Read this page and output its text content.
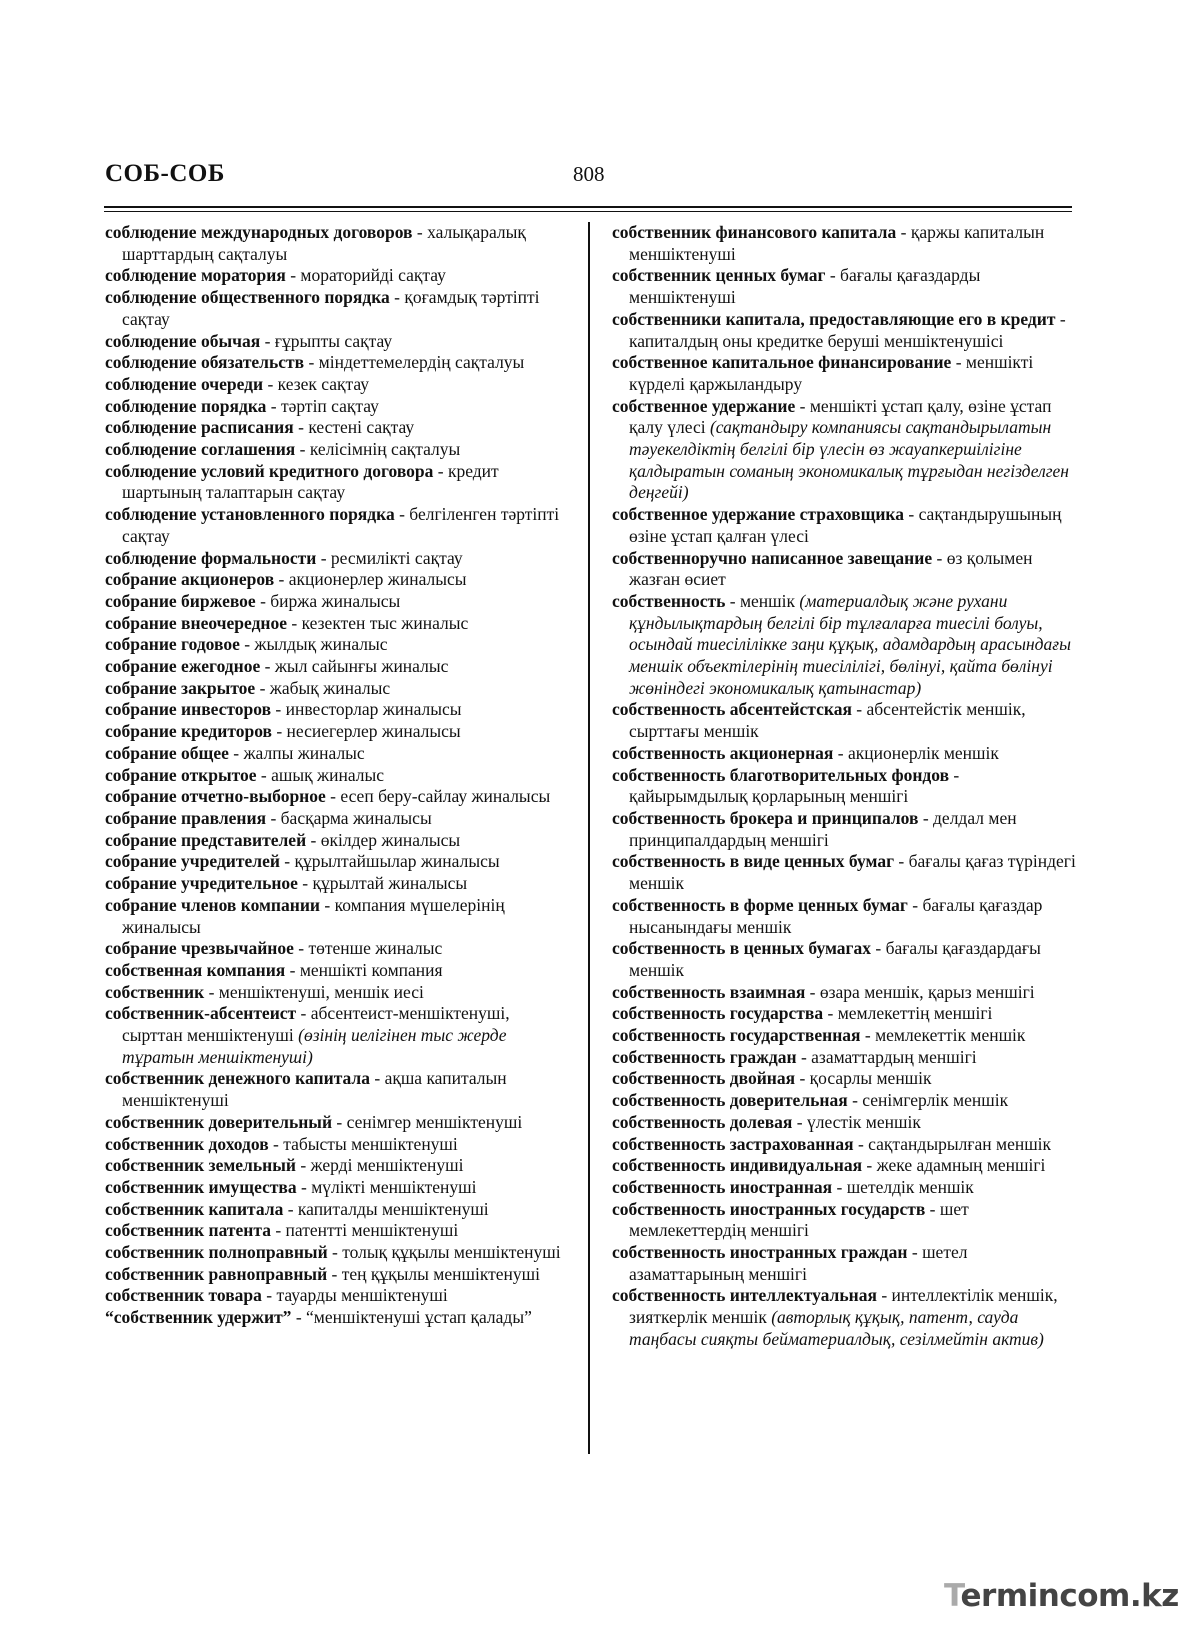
СОБ-СОБ	808

соблюдение международных договоров - халықаралық шарттардың сақталуы

соблюдение моратория - мораторийді сақтау

соблюдение общественного порядка - қоғамдық тәртіпті сақтау

соблюдение обычая - ғұрыпты сақтау

соблюдение обязательств - міндеттемелердің сақталуы

соблюдение очереди - кезек сақтау

соблюдение порядка - тәртіп сақтау

соблюдение расписания - кестені сақтау

соблюдение соглашения - келісімнің сақталуы

соблюдение условий кредитного договора - кредит шартының талаптарын сақтау

соблюдение установленного порядка - белгіленген тәртіпті сақтау

соблюдение формальности - ресмилікті сақтау

собрание акционеров - акционерлер жиналысы

собрание биржевое - биржа жиналысы

собрание внеочередное - кезектен тыс жиналыс

собрание годовое - жылдық жиналыс

собрание ежегодное - жыл сайынғы жиналыс

собрание закрытое - жабық жиналыс

собрание инвесторов - инвесторлар жиналысы

собрание кредиторов - несиегерлер жиналысы

собрание общее - жалпы жиналыс

собрание открытое - ашық жиналыс

собрание отчетно-выборное - есеп беру-сайлау жиналысы

собрание правления - басқарма жиналысы

собрание представителей - өкілдер жиналысы

собрание учредителей - құрылтайшылар жиналысы

собрание учредительное - құрылтай жиналысы

собрание членов компании - компания мүшелерінің жиналысы

собрание чрезвычайное - төтенше жиналыс

собственная компания - меншікті компания

собственник - меншіктенуші, меншік иесі

собственник-абсентеист - абсентеист-меншіктенуші, сырттан меншіктенуші (өзінің иелігінен тыс жерде тұратын меншіктенуші)

собственник денежного капитала - ақша капиталын меншіктенуші

собственник доверительный - сенімгер меншіктенуші

собственник доходов - табысты меншіктенуші

собственник земельный - жерді меншіктенуші

собственник имущества - мүлікті меншіктенуші

собственник капитала - капиталды меншіктенуші

собственник патента - патентті меншіктенуші

собственник полноправный - толық құқылы меншіктенуші

собственник равноправный - тең құқылы меншіктенуші

собственник товара - тауарды меншіктенуші

“собственник удержит” - “меншіктенуші ұстап қалады”

собственник финансового капитала - қаржы капиталын меншіктенуші

собственник ценных бумаг - бағалы қағаздарды меншіктенуші

собственники капитала, предоставляющие его в кредит - капиталдың оны кредитке беруші меншіктенушісі

собственное капитальное финансирование - меншікті күрделі қаржыландыру

собственное удержание - меншікті ұстап қалу, өзіне ұстап қалу үлесі (сақтандыру компаниясы сақтандырылатын тәуекелдіктің белгілі бір үлесін өз жауапкершілігіне қалдыратын соманың экономикалық тұрғыдан негізделген деңгейі)

собственное удержание страховщика - сақтандырушының өзіне ұстап қалған үлесі

собственноручно написанное завещание - өз қолымен жазған өсиет

собственность - меншік (материалдық және рухани құндылықтардың белгілі бір тұлғаларға тиесілі болуы, осындай тиесілілікке заңи құқық, адамдардың арасындағы меншік объектілерінің тиесілілігі, бөлінуі, қайта бөлінуі жөніндегі экономикалық қатынастар)

собственность абсентейстская - абсентейстік меншік, сырттағы меншік

собственность акционерная - акционерлік меншік

собственность благотворительных фондов - қайырымдылық қорларының меншігі

собственность брокера и принципалов - делдал мен принципалдардың меншігі

собственность в виде ценных бумаг - бағалы қағаз түріндегі меншік

собственность в форме ценных бумаг - бағалы қағаздар нысанындағы меншік

собственность в ценных бумагах - бағалы қағаздардағы меншік

собственность взаимная - өзара меншік, қарыз меншігі

собственность государства - мемлекеттің меншігі

собственность государственная - мемлекеттік меншік

собственность граждан - азаматтардың меншігі

собственность двойная - қосарлы меншік

собственность доверительная - сенімгерлік меншік

собственность долевая - үлестік меншік

собственность застрахованная - сақтандырылған меншік

собственность индивидуальная - жеке адамның меншігі

собственность иностранная - шетелдік меншік

собственность иностранных государств - шет мемлекеттердің меншігі

собственность иностранных граждан - шетел азаматтарының меншігі

собственность интеллектуальная - интеллектілік меншік, зияткерлік меншік (авторлық құқық, патент, сауда таңбасы сияқты беймaтериалдық, сезілмейтін актив)

Termincоm.kz
